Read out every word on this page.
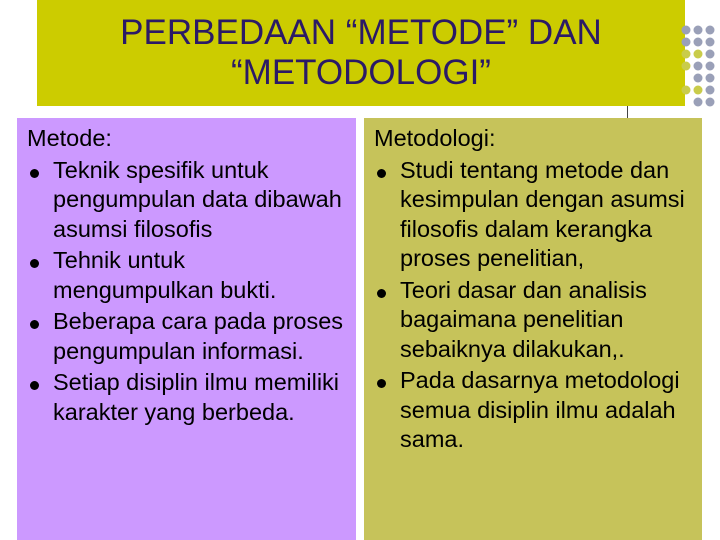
PERBEDAAN “METODE” DAN
“METODOLOGI”

Metode:

Teknik spesifik untuk pengumpulan data dibawah asumsi filosofis
Tehnik untuk mengumpulkan bukti.
Beberapa cara pada proses pengumpulan informasi.
Setiap disiplin ilmu memiliki karakter yang berbeda.

Metodologi:

Studi tentang metode dan kesimpulan dengan asumsi filosofis dalam kerangka proses penelitian,
Teori dasar dan analisis bagaimana penelitian sebaiknya dilakukan,.
Pada dasarnya metodologi semua disiplin ilmu adalah sama.
